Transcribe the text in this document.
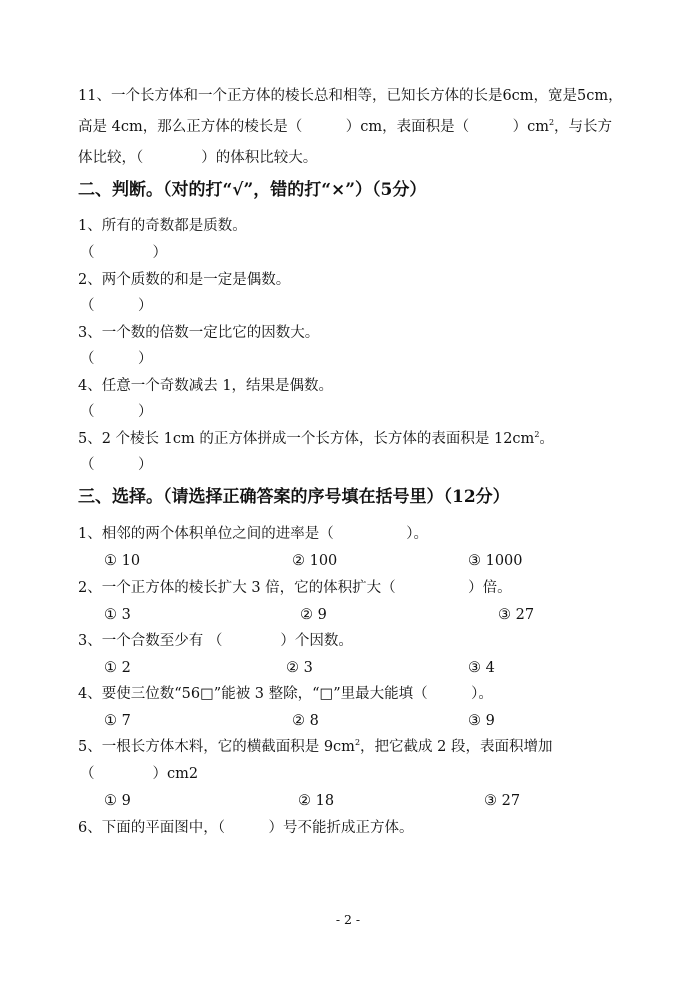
11、一个长方体和一个正方体的棱长总和相等，已知长方体的长是6cm，宽是5cm，
高是 4cm，那么正方体的棱长是（　　　）cm，表面积是（　　　）$cm^2$，与长方
体比较，（　　　　）的体积比较大。
二、判断。（对的打“√”，错的打“×”）（5分）
1、所有的奇数都是质数。
（　　　　）
2、两个质数的和是一定是偶数。
（　　　）
3、一个数的倍数一定比它的因数大。
（　　　）
4、任意一个奇数减去 1，结果是偶数。
（　　　）
5、2 个棱长 1cm 的正方体拼成一个长方体，长方体的表面积是 $12cm^2$。
（　　　）
三、选择。（请选择正确答案的序号填在括号里）（12分）
1、相邻的两个体积单位之间的进率是（　　　　　）。
① 10	② 100	③ 1000
2、一个正方体的棱长扩大 3 倍，它的体积扩大（　　　　　）倍。
① 3	② 9	③ 27
3、一个合数至少有 （　　　　）个因数。
① 2	② 3	③ 4
4、要使三位数“56□”能被 3 整除，“□”里最大能填（　　　）。
① 7	② 8	③ 9
5、一根长方体木料，它的横截面积是 $9cm^2$，把它截成 2 段，表面积增加
（　　　　）cm2
① 9	② 18	③ 27
6、下面的平面图中，（　　　）号不能折成正方体。
- 2 -
